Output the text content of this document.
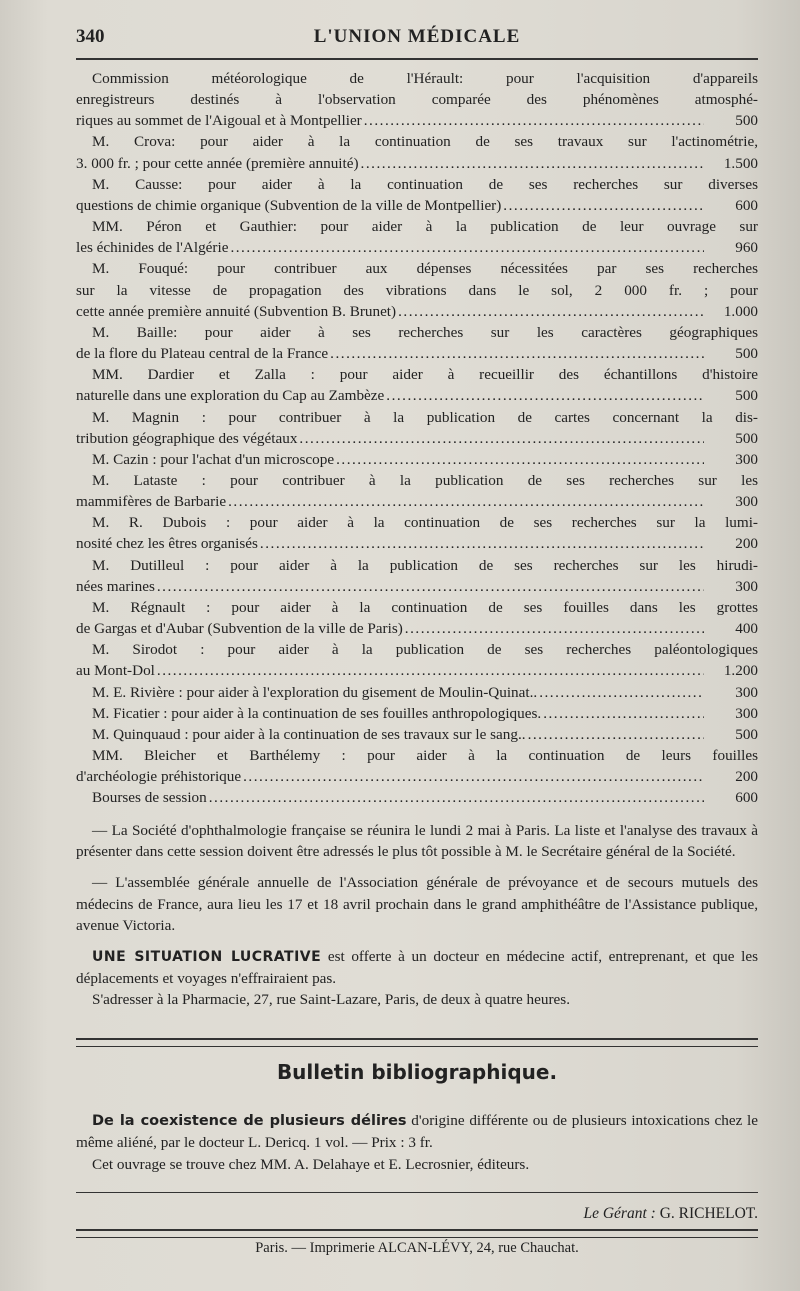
340	L'UNION MÉDICALE
Commission météorologique de l'Hérault: pour l'acquisition d'appareils
enregistreurs destinés à l'observation comparée des phénomènes atmosphé-
riques au sommet de l'Aigoual et à Montpellier .....	500
M. Crova: pour aider à la continuation de ses travaux sur l'actinométrie,
3. 000 fr. ; pour cette année (première annuité) .....	1.500
M. Causse: pour aider à la continuation de ses recherches sur diverses
questions de chimie organique (Subvention de la ville de Montpellier) .....	600
MM. Péron et Gauthier: pour aider à la publication de leur ouvrage sur
les échinides de l'Algérie .....	960
M. Fouqué: pour contribuer aux dépenses nécessitées par ses recherches
sur la vitesse de propagation des vibrations dans le sol, 2 000 fr. ; pour
cette année première annuité (Subvention B. Brunet) .....	1.000
M. Baille: pour aider à ses recherches sur les caractères géographiques
de la flore du Plateau central de la France .....	500
MM. Dardier et Zalla : pour aider à recueillir des échantillons d'histoire
naturelle dans une exploration du Cap au Zambèze .....	500
M. Magnin : pour contribuer à la publication de cartes concernant la dis-
tribution géographique des végétaux .....	500
M. Cazin : pour l'achat d'un microscope .....	300
M. Lataste : pour contribuer à la publication de ses recherches sur les
mammifères de Barbarie .....	300
M. R. Dubois : pour aider à la continuation de ses recherches sur la lumi-
nosité chez les êtres organisés .....	200
M. Dutilleul : pour aider à la publication de ses recherches sur les hirudi-
nées marines .....	300
M. Régnault : pour aider à la continuation de ses fouilles dans les grottes
de Gargas et d'Aubar (Subvention de la ville de Paris) .....	400
M. Sirodot : pour aider à la publication de ses recherches paléontologiques
au Mont-Dol .....	1.200
M. E. Rivière : pour aider à l'exploration du gisement de Moulin-Quinat.. .....	300
M. Ficatier : pour aider à la continuation de ses fouilles anthropologiques. .....	300
M. Quinquaud : pour aider à la continuation de ses travaux sur le sang.. .....	500
MM. Bleicher et Barthélemy : pour aider à la continuation de leurs fouilles
d'archéologie préhistorique .....	200
Bourses de session .....	600

— La Société d'ophthalmologie française se réunira le lundi 2 mai à Paris. La liste et l'analyse des travaux à présenter dans cette session doivent être adressés le plus tôt possible à M. le Secrétaire général de la Société.

— L'assemblée générale annuelle de l'Association générale de prévoyance et de secours mutuels des médecins de France, aura lieu les 17 et 18 avril prochain dans le grand amphithéâtre de l'Assistance publique, avenue Victoria.

UNE SITUATION LUCRATIVE est offerte à un docteur en médecine actif, entreprenant, et que les déplacements et voyages n'effrairaient pas.

S'adresser à la Pharmacie, 27, rue Saint-Lazare, Paris, de deux à quatre heures.

Bulletin bibliographique.
De la coexistence de plusieurs délires d'origine différente ou de plusieurs intoxications chez le même aliéné, par le docteur L. Dericq. 1 vol. — Prix : 3 fr.
Cet ouvrage se trouve chez MM. A. Delahaye et E. Lecrosnier, éditeurs.
Le Gérant : G. RICHELOT.
Paris. — Imprimerie ALCAN-LÉVY, 24, rue Chauchat.
